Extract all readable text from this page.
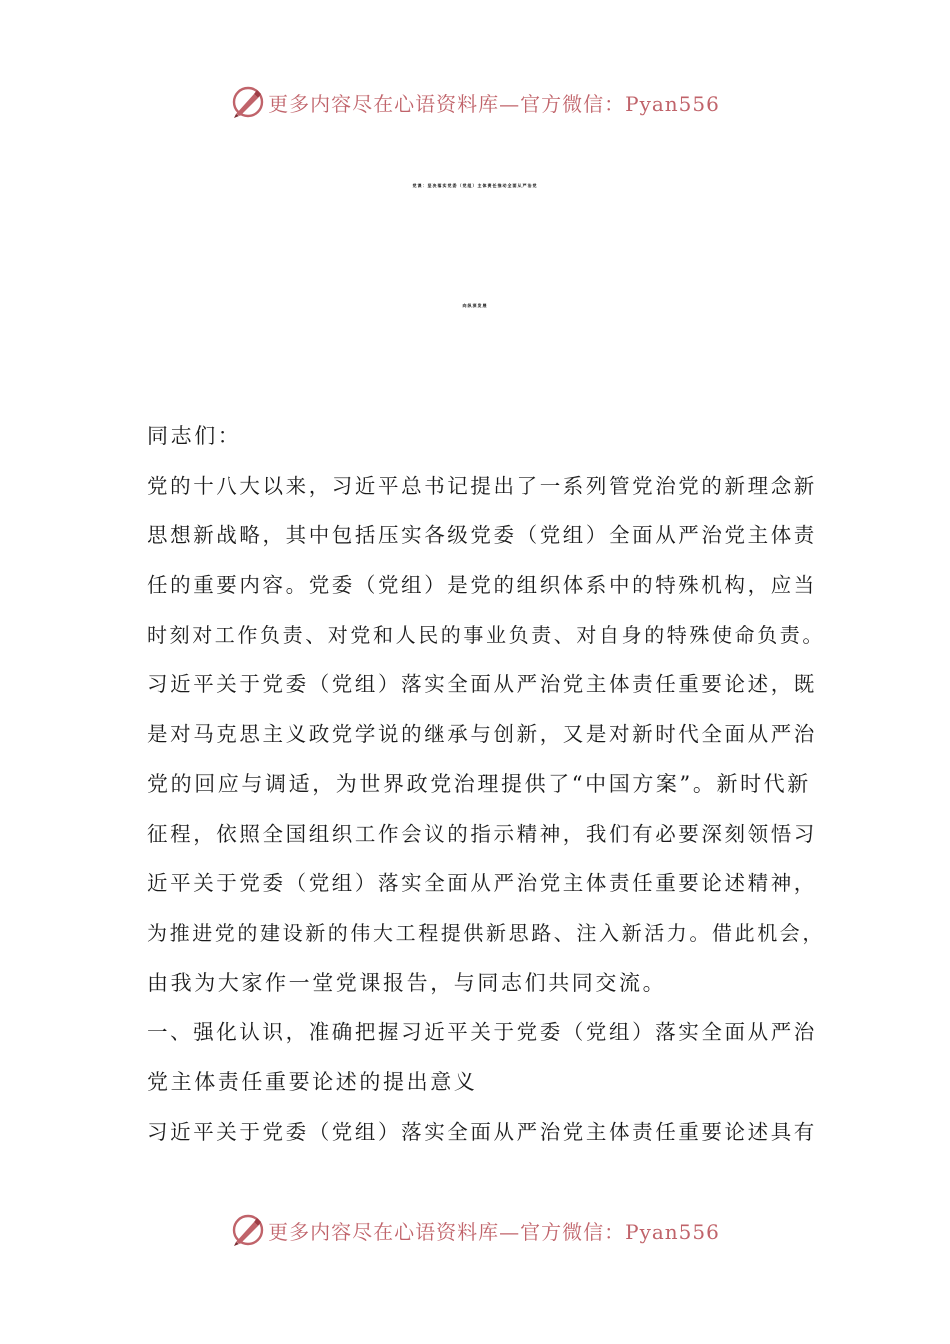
更多内容尽在心语资料库—官方微信：Pyan556
党课：坚决落实党委（党组）主体责任推动全面从严治党
向纵深发展
同志们：
党的十八大以来，习近平总书记提出了一系列管党治党的新理念新
思想新战略，其中包括压实各级党委（党组）全面从严治党主体责
任的重要内容。党委（党组）是党的组织体系中的特殊机构，应当
时刻对工作负责、对党和人民的事业负责、对自身的特殊使命负责。
习近平关于党委（党组）落实全面从严治党主体责任重要论述，既
是对马克思主义政党学说的继承与创新，又是对新时代全面从严治
党的回应与调适，为世界政党治理提供了“中国方案”。新时代新
征程，依照全国组织工作会议的指示精神，我们有必要深刻领悟习
近平关于党委（党组）落实全面从严治党主体责任重要论述精神，
为推进党的建设新的伟大工程提供新思路、注入新活力。借此机会，
由我为大家作一堂党课报告，与同志们共同交流。
一、强化认识，准确把握习近平关于党委（党组）落实全面从严治
党主体责任重要论述的提出意义
习近平关于党委（党组）落实全面从严治党主体责任重要论述具有
更多内容尽在心语资料库—官方微信：Pyan556
